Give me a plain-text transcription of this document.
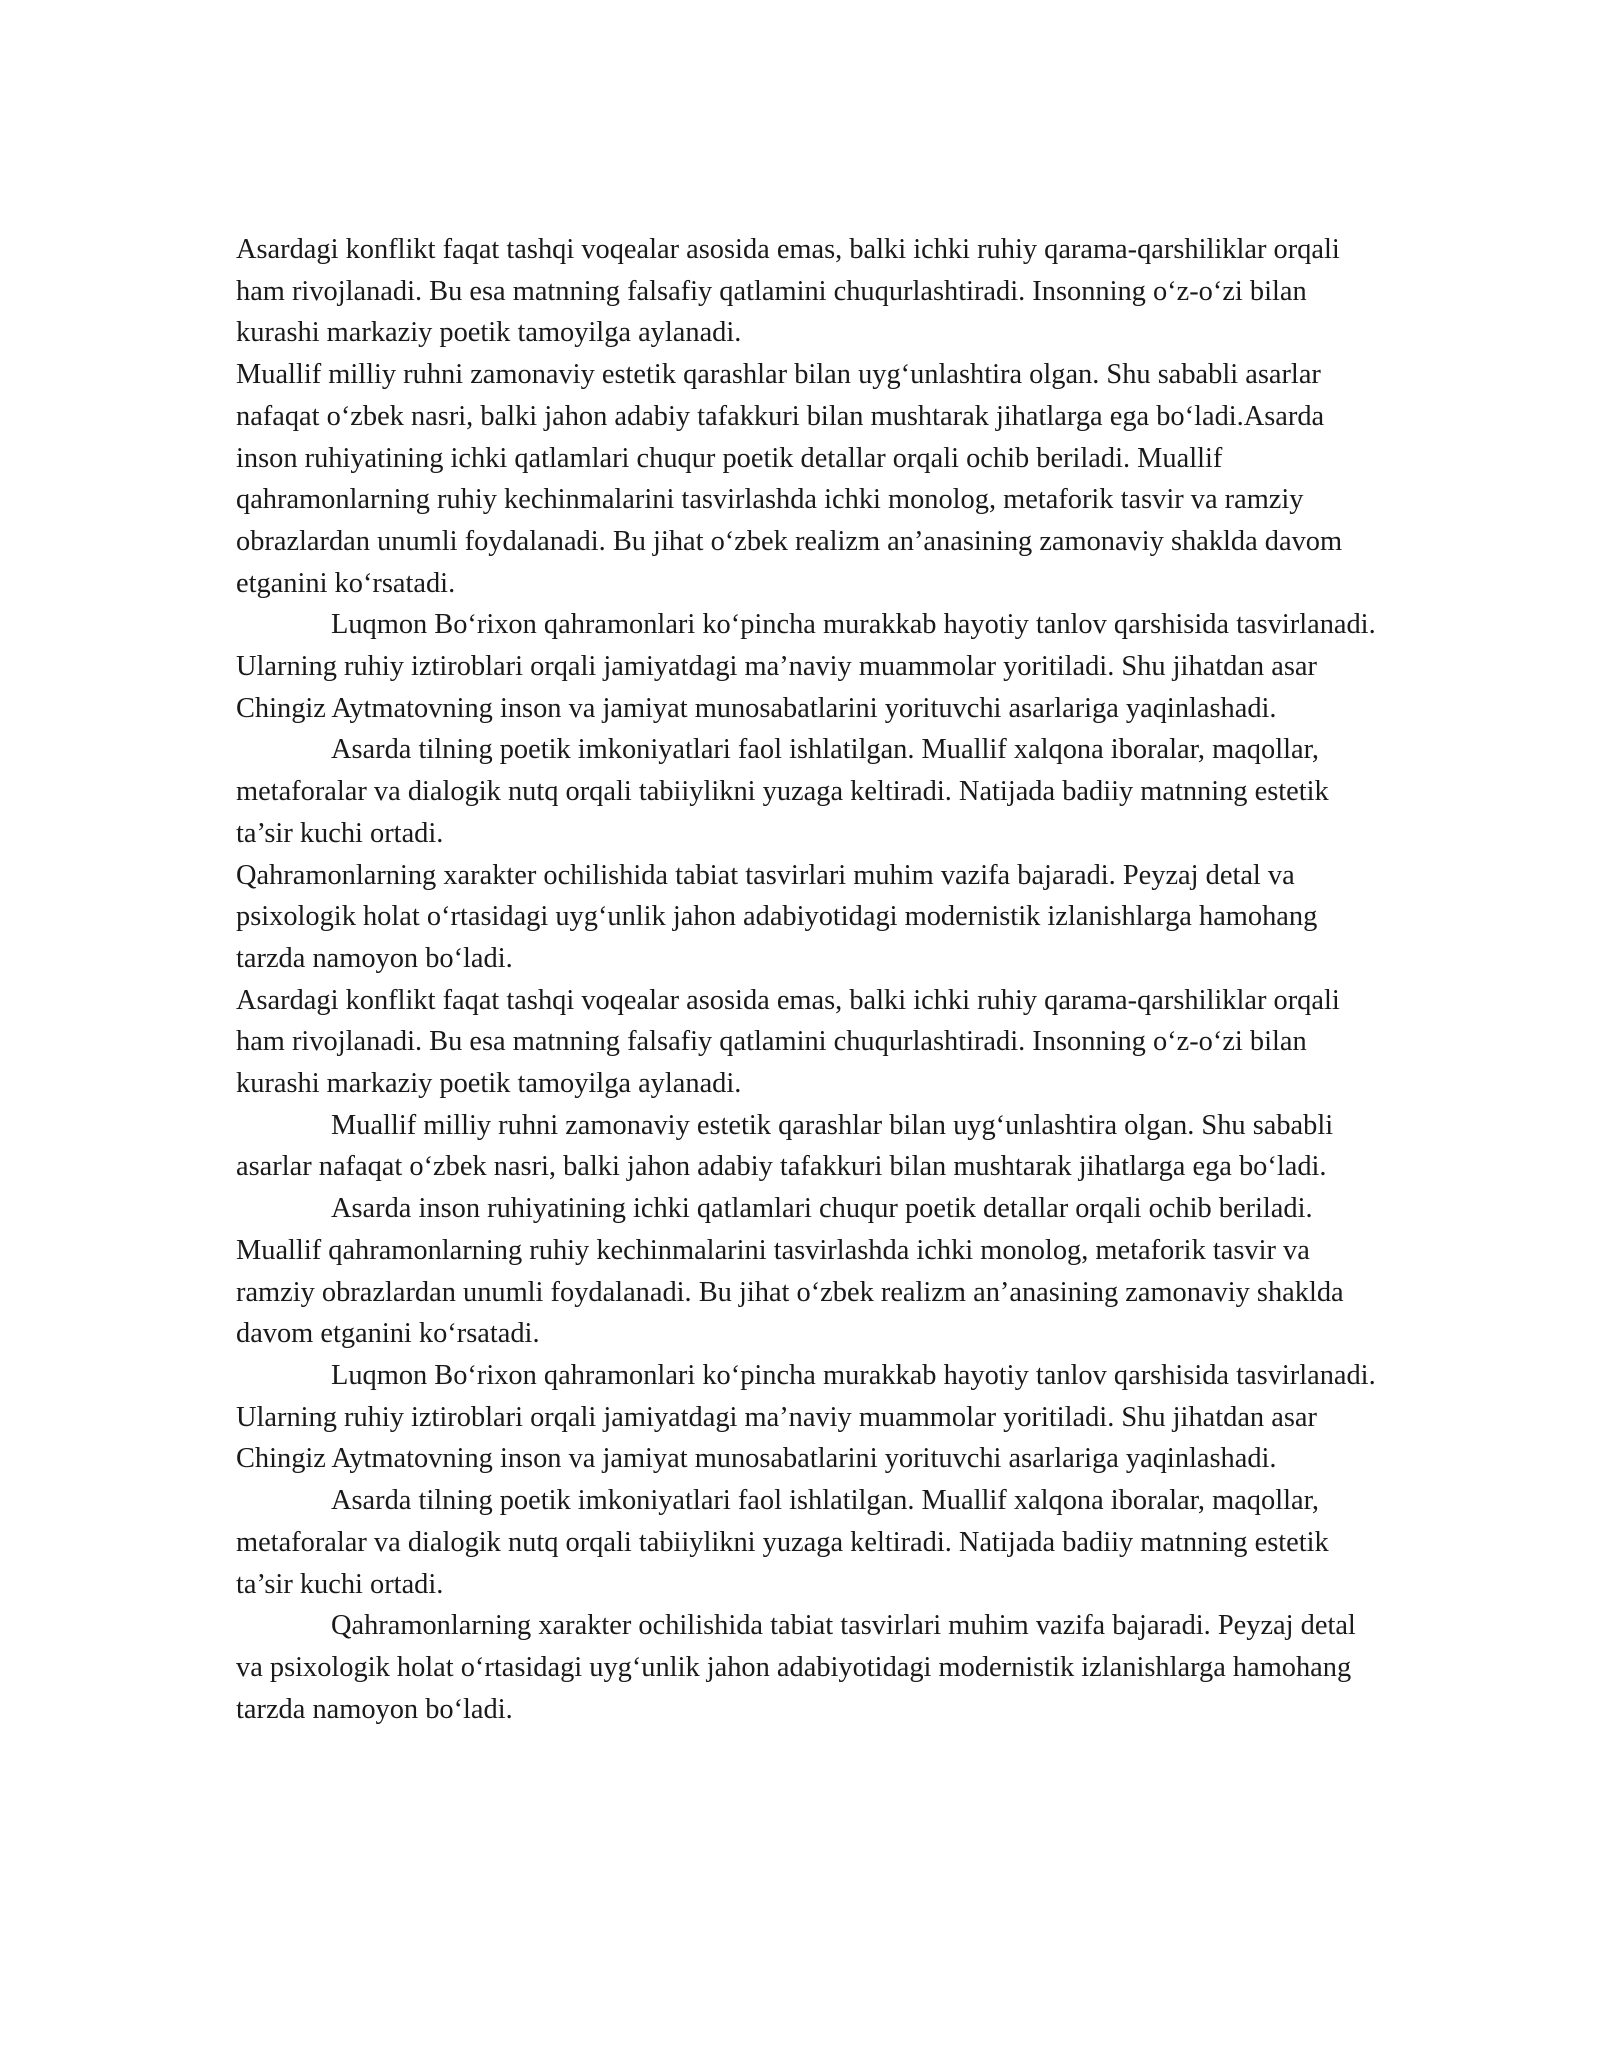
Asardagi konflikt faqat tashqi voqealar asosida emas, balki ichki ruhiy qarama-qarshiliklar orqali ham rivojlanadi. Bu esa matnning falsafiy qatlamini chuqurlashtiradi. Insonning o‘z-o‘zi bilan kurashi markaziy poetik tamoyilga aylanadi.

Muallif milliy ruhni zamonaviy estetik qarashlar bilan uyg‘unlashtira olgan. Shu sababli asarlar nafaqat o‘zbek nasri, balki jahon adabiy tafakkuri bilan mushtarak jihatlarga ega bo‘ladi.Asarda inson ruhiyatining ichki qatlamlari chuqur poetik detallar orqali ochib beriladi. Muallif qahramonlarning ruhiy kechinmalarini tasvirlashda ichki monolog, metaforik tasvir va ramziy obrazlardan unumli foydalanadi. Bu jihat o‘zbek realizm an’anasining zamonaviy shaklda davom etganini ko‘rsatadi.

Luqmon Bo‘rixon qahramonlari ko‘pincha murakkab hayotiy tanlov qarshisida tasvirlanadi. Ularning ruhiy iztiroblari orqali jamiyatdagi ma’naviy muammolar yoritiladi. Shu jihatdan asar Chingiz Aytmatovning inson va jamiyat munosabatlarini yorituvchi asarlariga yaqinlashadi.

Asarda tilning poetik imkoniyatlari faol ishlatilgan. Muallif xalqona iboralar, maqollar, metaforalar va dialogik nutq orqali tabiiylikni yuzaga keltiradi. Natijada badiiy matnning estetik ta’sir kuchi ortadi.

Qahramonlarning xarakter ochilishida tabiat tasvirlari muhim vazifa bajaradi. Peyzaj detal va psixologik holat o‘rtasidagi uyg‘unlik jahon adabiyotidagi modernistik izlanishlarga hamohang tarzda namoyon bo‘ladi.

Asardagi konflikt faqat tashqi voqealar asosida emas, balki ichki ruhiy qarama-qarshiliklar orqali ham rivojlanadi. Bu esa matnning falsafiy qatlamini chuqurlashtiradi. Insonning o‘z-o‘zi bilan kurashi markaziy poetik tamoyilga aylanadi.

Muallif milliy ruhni zamonaviy estetik qarashlar bilan uyg‘unlashtira olgan. Shu sababli asarlar nafaqat o‘zbek nasri, balki jahon adabiy tafakkuri bilan mushtarak jihatlarga ega bo‘ladi.

Asarda inson ruhiyatining ichki qatlamlari chuqur poetik detallar orqali ochib beriladi. Muallif qahramonlarning ruhiy kechinmalarini tasvirlashda ichki monolog, metaforik tasvir va ramziy obrazlardan unumli foydalanadi. Bu jihat o‘zbek realizm an’anasining zamonaviy shaklda davom etganini ko‘rsatadi.

Luqmon Bo‘rixon qahramonlari ko‘pincha murakkab hayotiy tanlov qarshisida tasvirlanadi. Ularning ruhiy iztiroblari orqali jamiyatdagi ma’naviy muammolar yoritiladi. Shu jihatdan asar Chingiz Aytmatovning inson va jamiyat munosabatlarini yorituvchi asarlariga yaqinlashadi.

Asarda tilning poetik imkoniyatlari faol ishlatilgan. Muallif xalqona iboralar, maqollar, metaforalar va dialogik nutq orqali tabiiylikni yuzaga keltiradi. Natijada badiiy matnning estetik ta’sir kuchi ortadi.

Qahramonlarning xarakter ochilishida tabiat tasvirlari muhim vazifa bajaradi. Peyzaj detal va psixologik holat o‘rtasidagi uyg‘unlik jahon adabiyotidagi modernistik izlanishlarga hamohang tarzda namoyon bo‘ladi.
